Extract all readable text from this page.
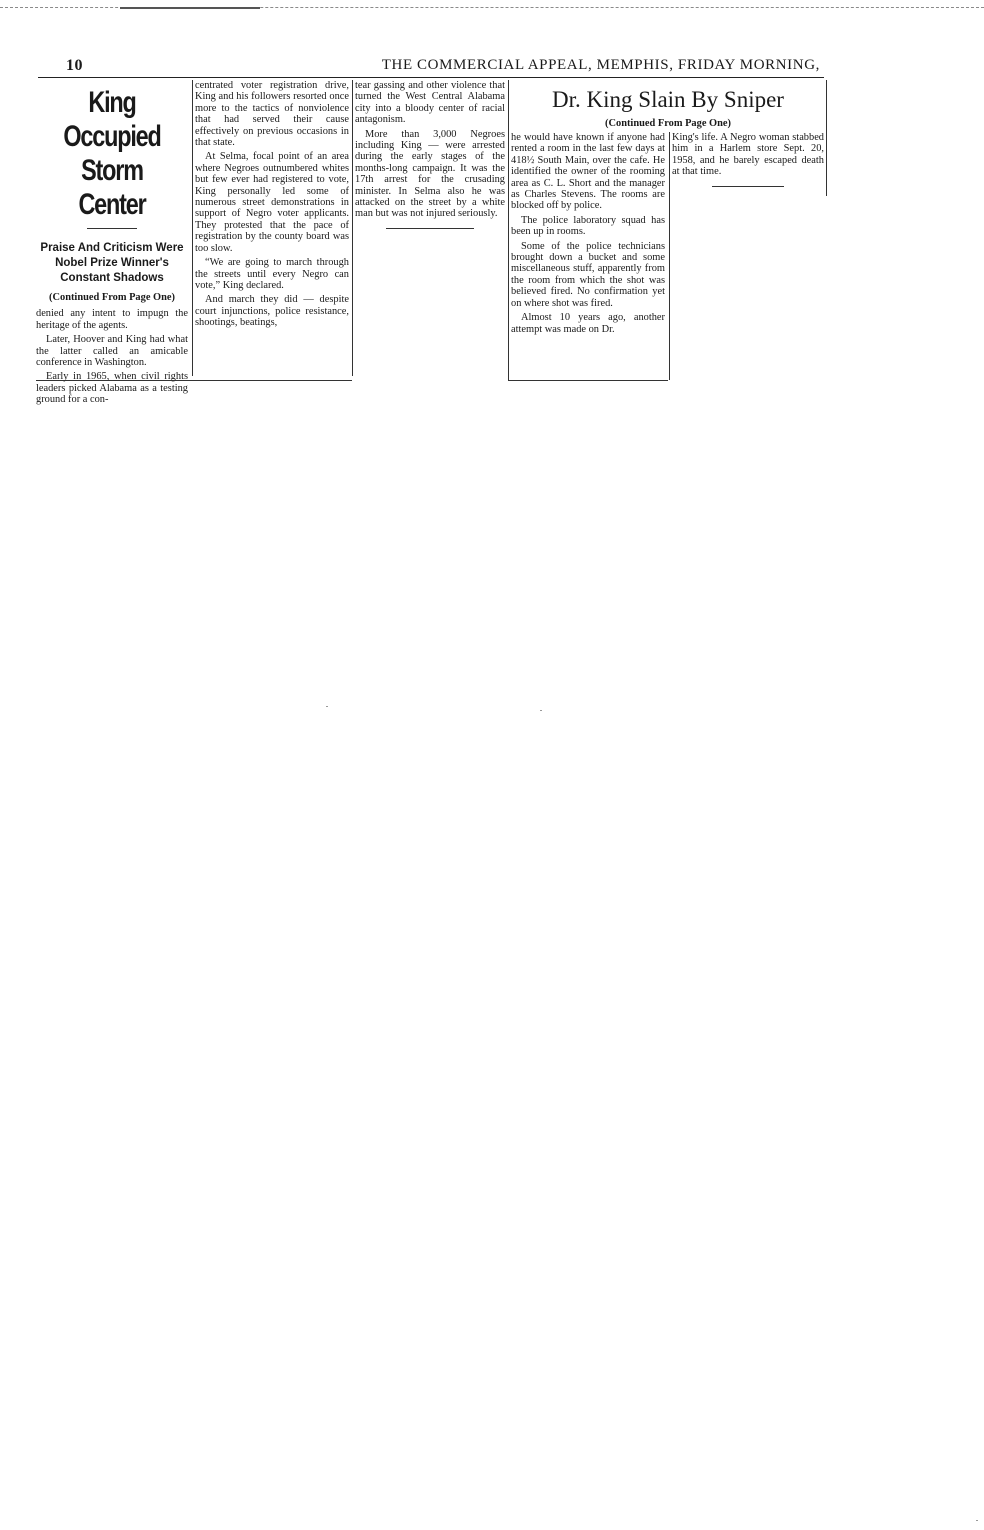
10	THE COMMERCIAL APPEAL, MEMPHIS, FRIDAY MORNING,
King Occupied
Storm Center
Praise And Criticism Were
Nobel Prize Winner's
Constant Shadows
(Continued From Page One)

denied any intent to impugn the heritage of the agents.

Later, Hoover and King had what the latter called an amicable conference in Washington.

Early in 1965, when civil rights leaders picked Alabama as a testing ground for a con-

centrated voter registration drive, King and his followers resorted once more to the tactics of nonviolence that had served their cause effectively on previous occasions in that state.

At Selma, focal point of an area where Negroes outnumbered whites but few ever had registered to vote, King personally led some of numerous street demonstrations in support of Negro voter applicants. They protested that the pace of registration by the county board was too slow.

“We are going to march through the streets until every Negro can vote,” King declared.

And march they did — despite court injunctions, police resistance, shootings, beatings,

tear gassing and other violence that turned the West Central Alabama city into a bloody center of racial antagonism.

More than 3,000 Negroes including King — were arrested during the early stages of the months-long campaign. It was the 17th arrest for the crusading minister. In Selma also he was attacked on the street by a white man but was not injured seriously.

Dr. King Slain By Sniper
(Continued From Page One)

he would have known if anyone had rented a room in the last few days at 418½ South Main, over the cafe. He identified the owner of the rooming area as C. L. Short and the manager as Charles Stevens. The rooms are blocked off by police.

The police laboratory squad has been up in rooms.

Some of the police technicians brought down a bucket and some miscellaneous stuff, apparently from the room from which the shot was believed fired. No confirmation yet on where shot was fired.

Almost 10 years ago, another attempt was made on Dr.

King's life. A Negro woman stabbed him in a Harlem store Sept. 20, 1958, and he barely escaped death at that time.
